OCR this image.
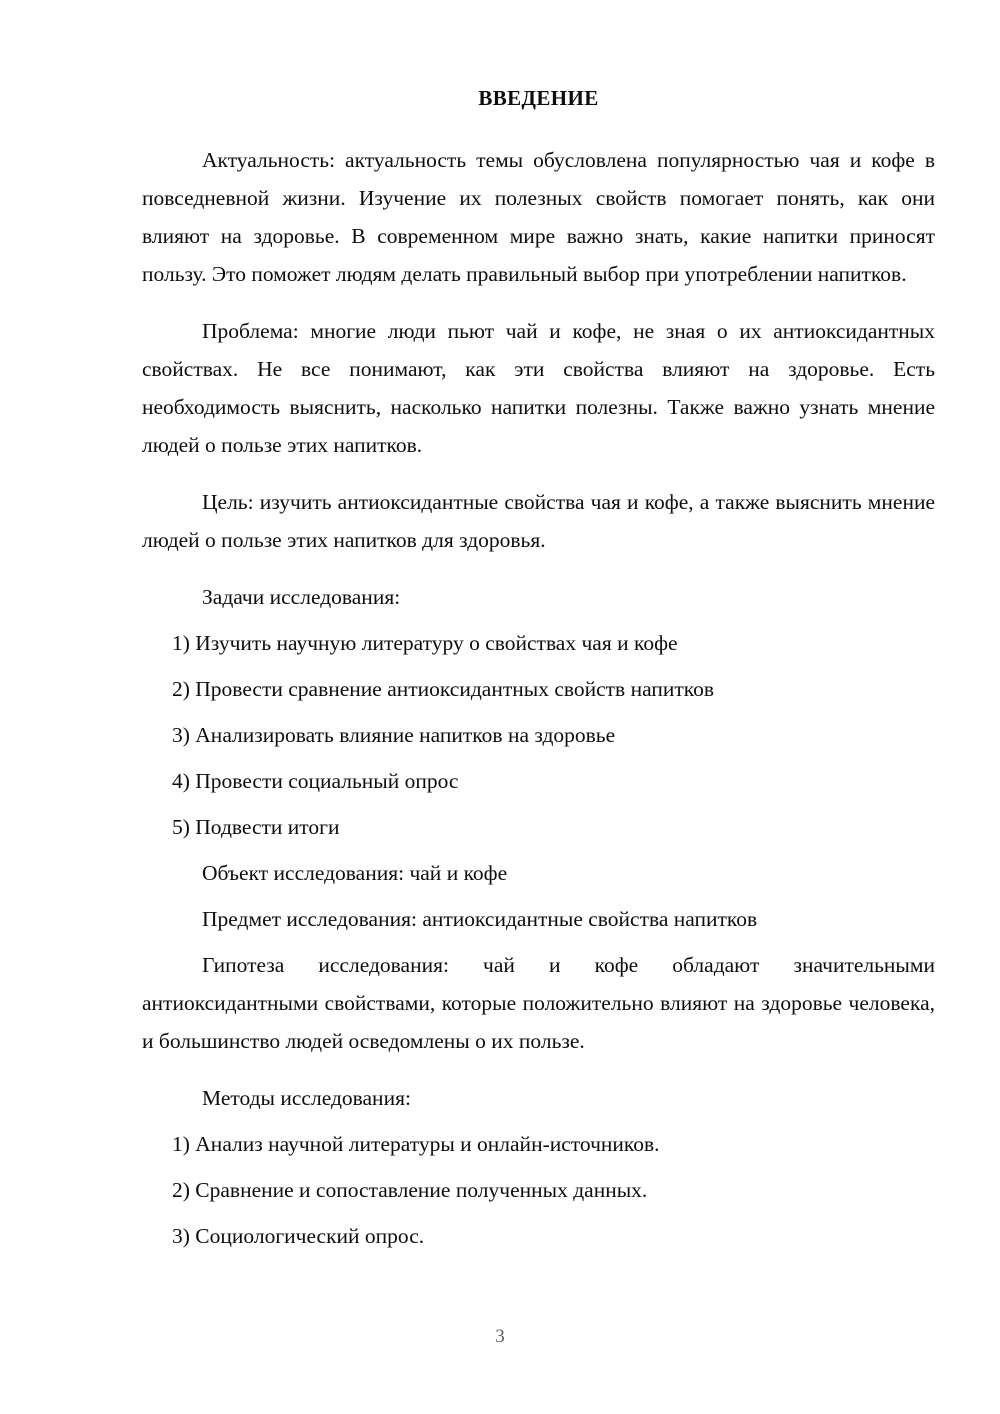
ВВЕДЕНИЕ

Актуальность: актуальность темы обусловлена популярностью чая и кофе в повседневной жизни. Изучение их полезных свойств помогает понять, как они влияют на здоровье. В современном мире важно знать, какие напитки приносят пользу. Это поможет людям делать правильный выбор при употреблении напитков.

Проблема: многие люди пьют чай и кофе, не зная о их антиоксидантных свойствах. Не все понимают, как эти свойства влияют на здоровье. Есть необходимость выяснить, насколько напитки полезны. Также важно узнать мнение людей о пользе этих напитков.

Цель: изучить антиоксидантные свойства чая и кофе, а также выяснить мнение людей о пользе этих напитков для здоровья.

Задачи исследования:

1) Изучить научную литературу о свойствах чая и кофе
2) Провести сравнение антиоксидантных свойств напитков
3) Анализировать влияние напитков на здоровье
4) Провести социальный опрос
5) Подвести итоги

Объект исследования: чай и кофе

Предмет исследования: антиоксидантные свойства напитков

Гипотеза исследования: чай и кофе обладают значительными антиоксидантными свойствами, которые положительно влияют на здоровье человека, и большинство людей осведомлены о их пользе.

Методы исследования:

1) Анализ научной литературы и онлайн-источников.
2) Сравнение и сопоставление полученных данных.
3) Социологический опрос.
3
